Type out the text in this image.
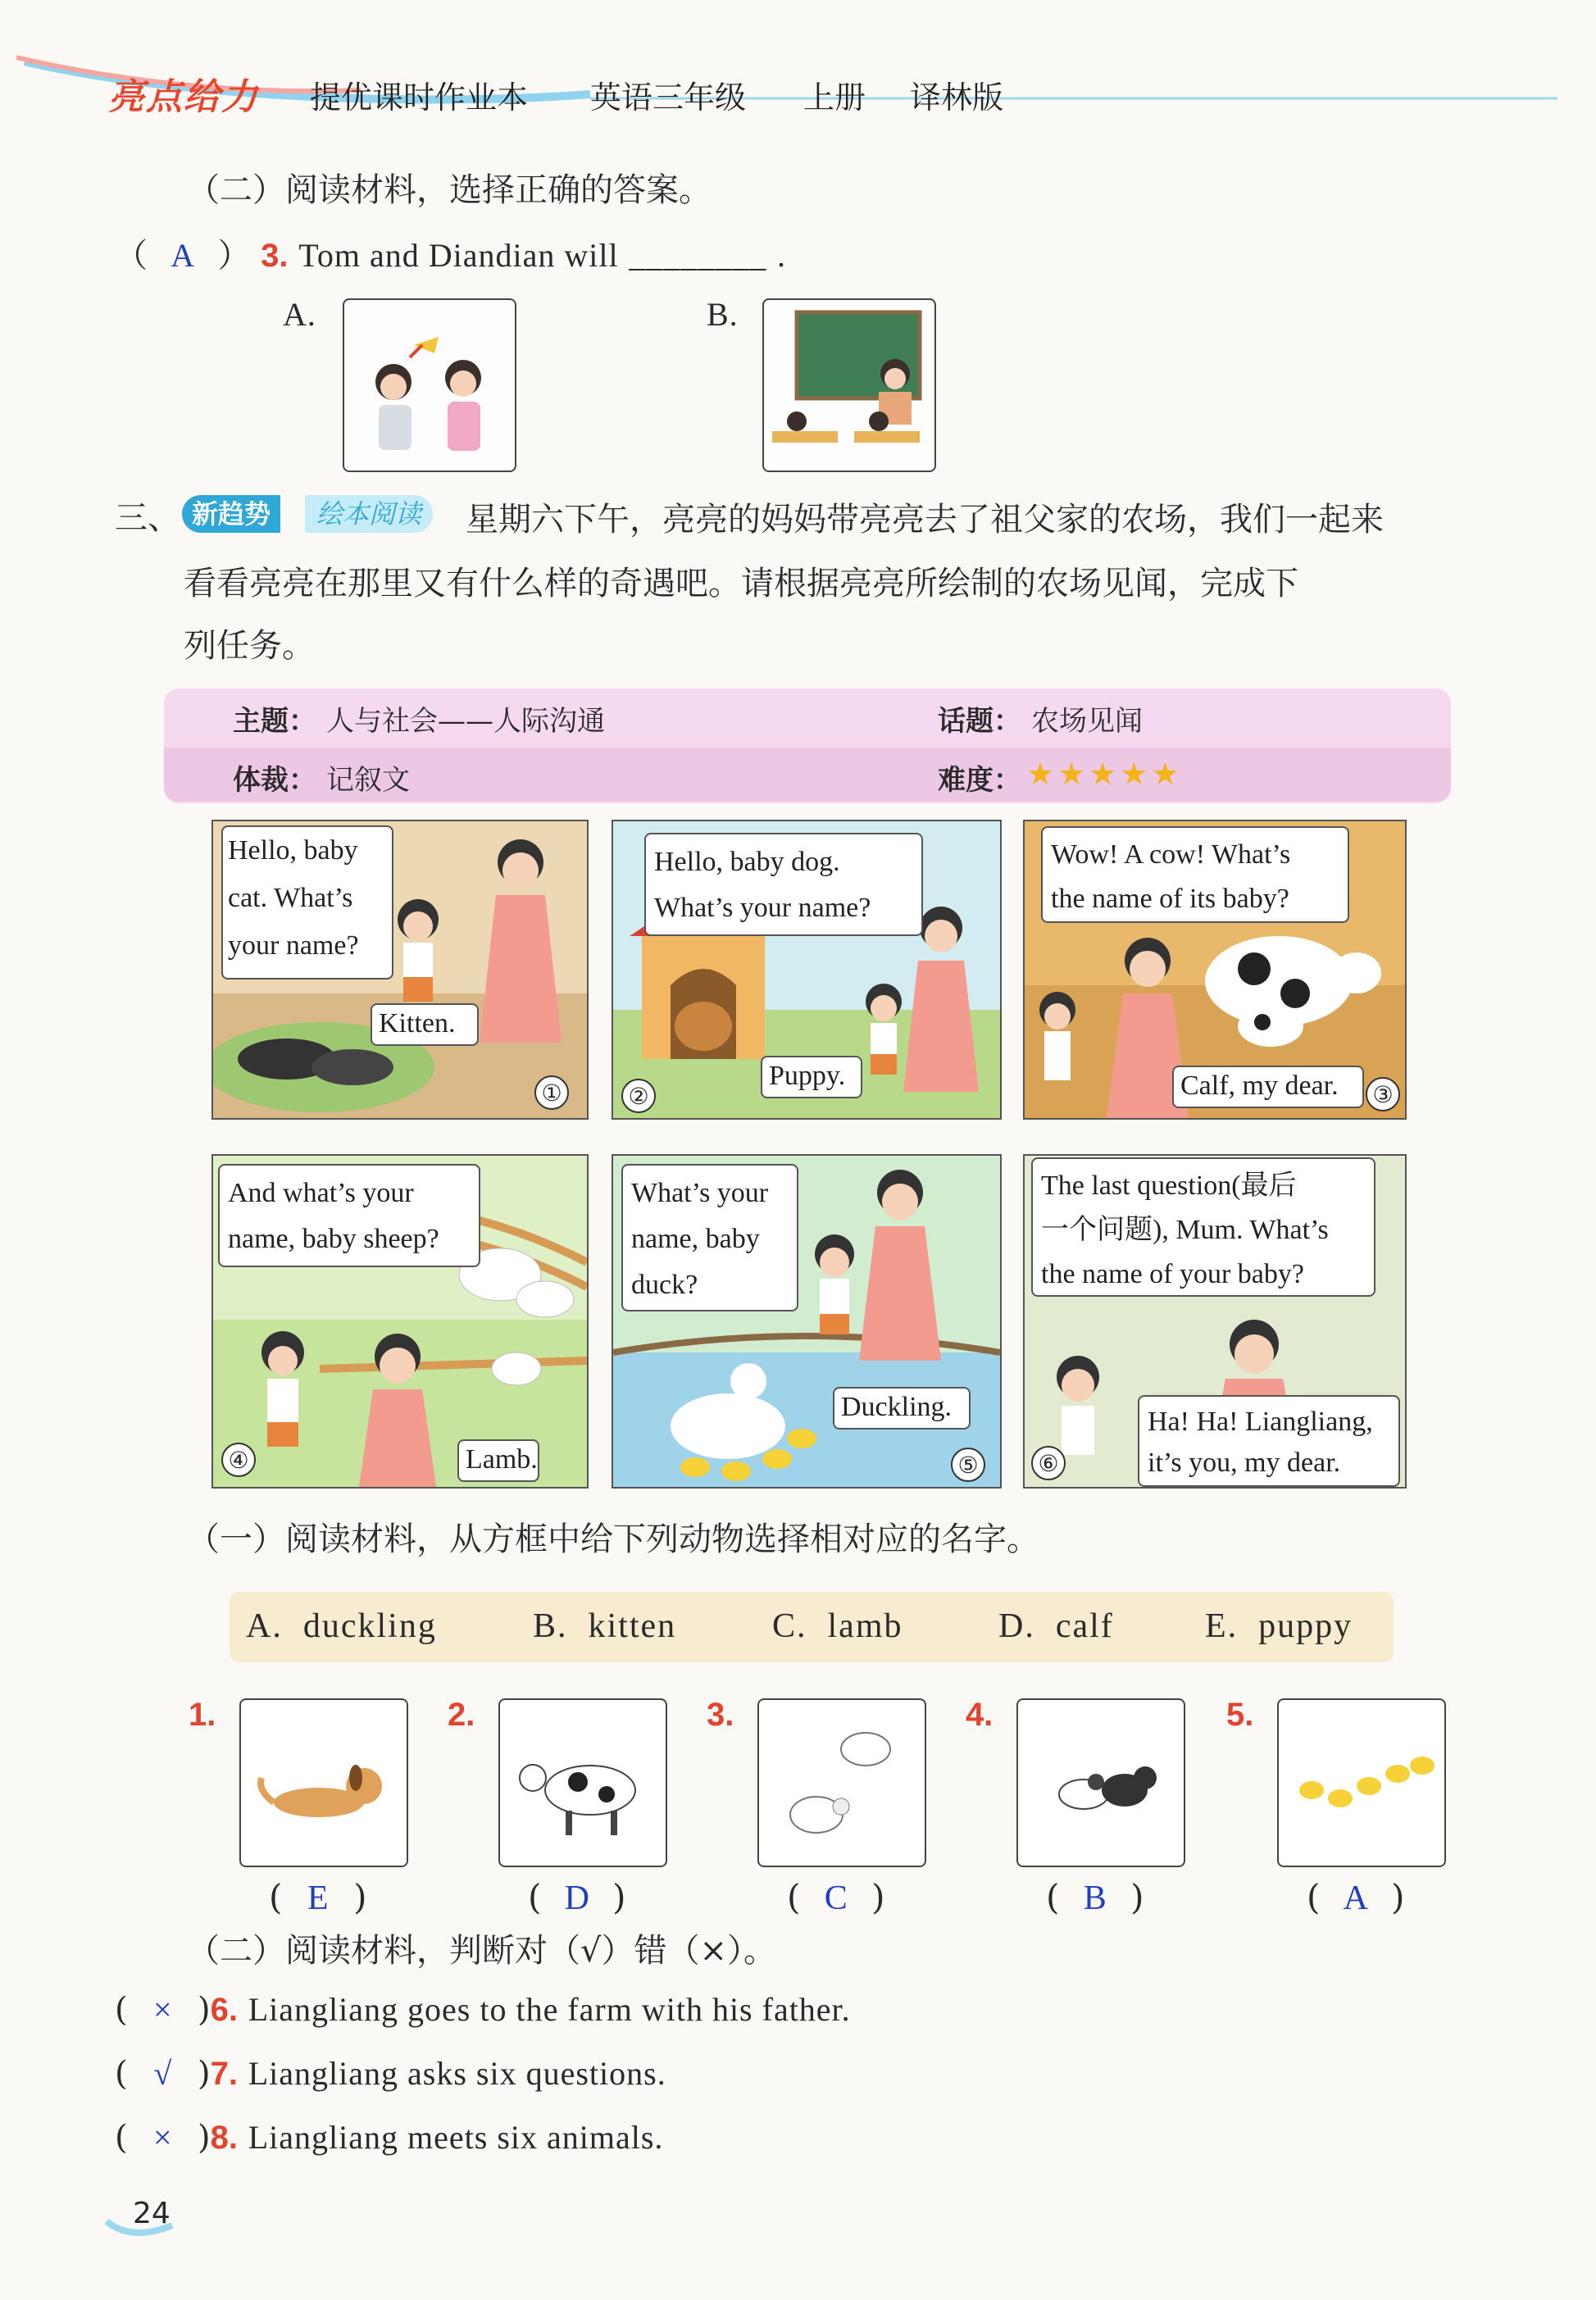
亮点给力 提优课时作业本 英语三年级 上册 译林版
（二）阅读材料，选择正确的答案。
（ A ） 3. Tom and Diandian will ________ .
A.	B.
三、 新趋势	绘本阅读	星期六下午，亮亮的妈妈带亮亮去了祖父家的农场，我们一起来
看看亮亮在那里又有什么样的奇遇吧。请根据亮亮所绘制的农场见闻，完成下
列任务。
主题： 人与社会——人际沟通	话题： 农场见闻
体裁： 记叙文	难度： ★★★★★
Hello, baby
cat. What’s
your name?
Kitten.
①
Hello, baby dog.
What’s your name?
Puppy.
②
Wow! A cow! What’s
the name of its baby?
Calf, my dear.	③
And what’s your
name, baby sheep?
Lamb.
④
What’s your
name, baby
duck?
Duckling.
⑤
The last question(最后
一个问题), Mum. What’s
the name of your baby?
Ha! Ha! Liangliang,
it’s you, my dear.
⑥
（一）阅读材料，从方框中给下列动物选择相对应的名字。
A. duckling	B. kitten	C. lamb	D. calf	E. puppy
1.
( E )
2.
( D )
3.
( C )
4.
( B )
5.
( A )
（二）阅读材料，判断对（√）错（×）。
( × )6. Liangliang goes to the farm with his father.
( √ )7. Liangliang asks six questions.
( × )8. Liangliang meets six animals.
24
